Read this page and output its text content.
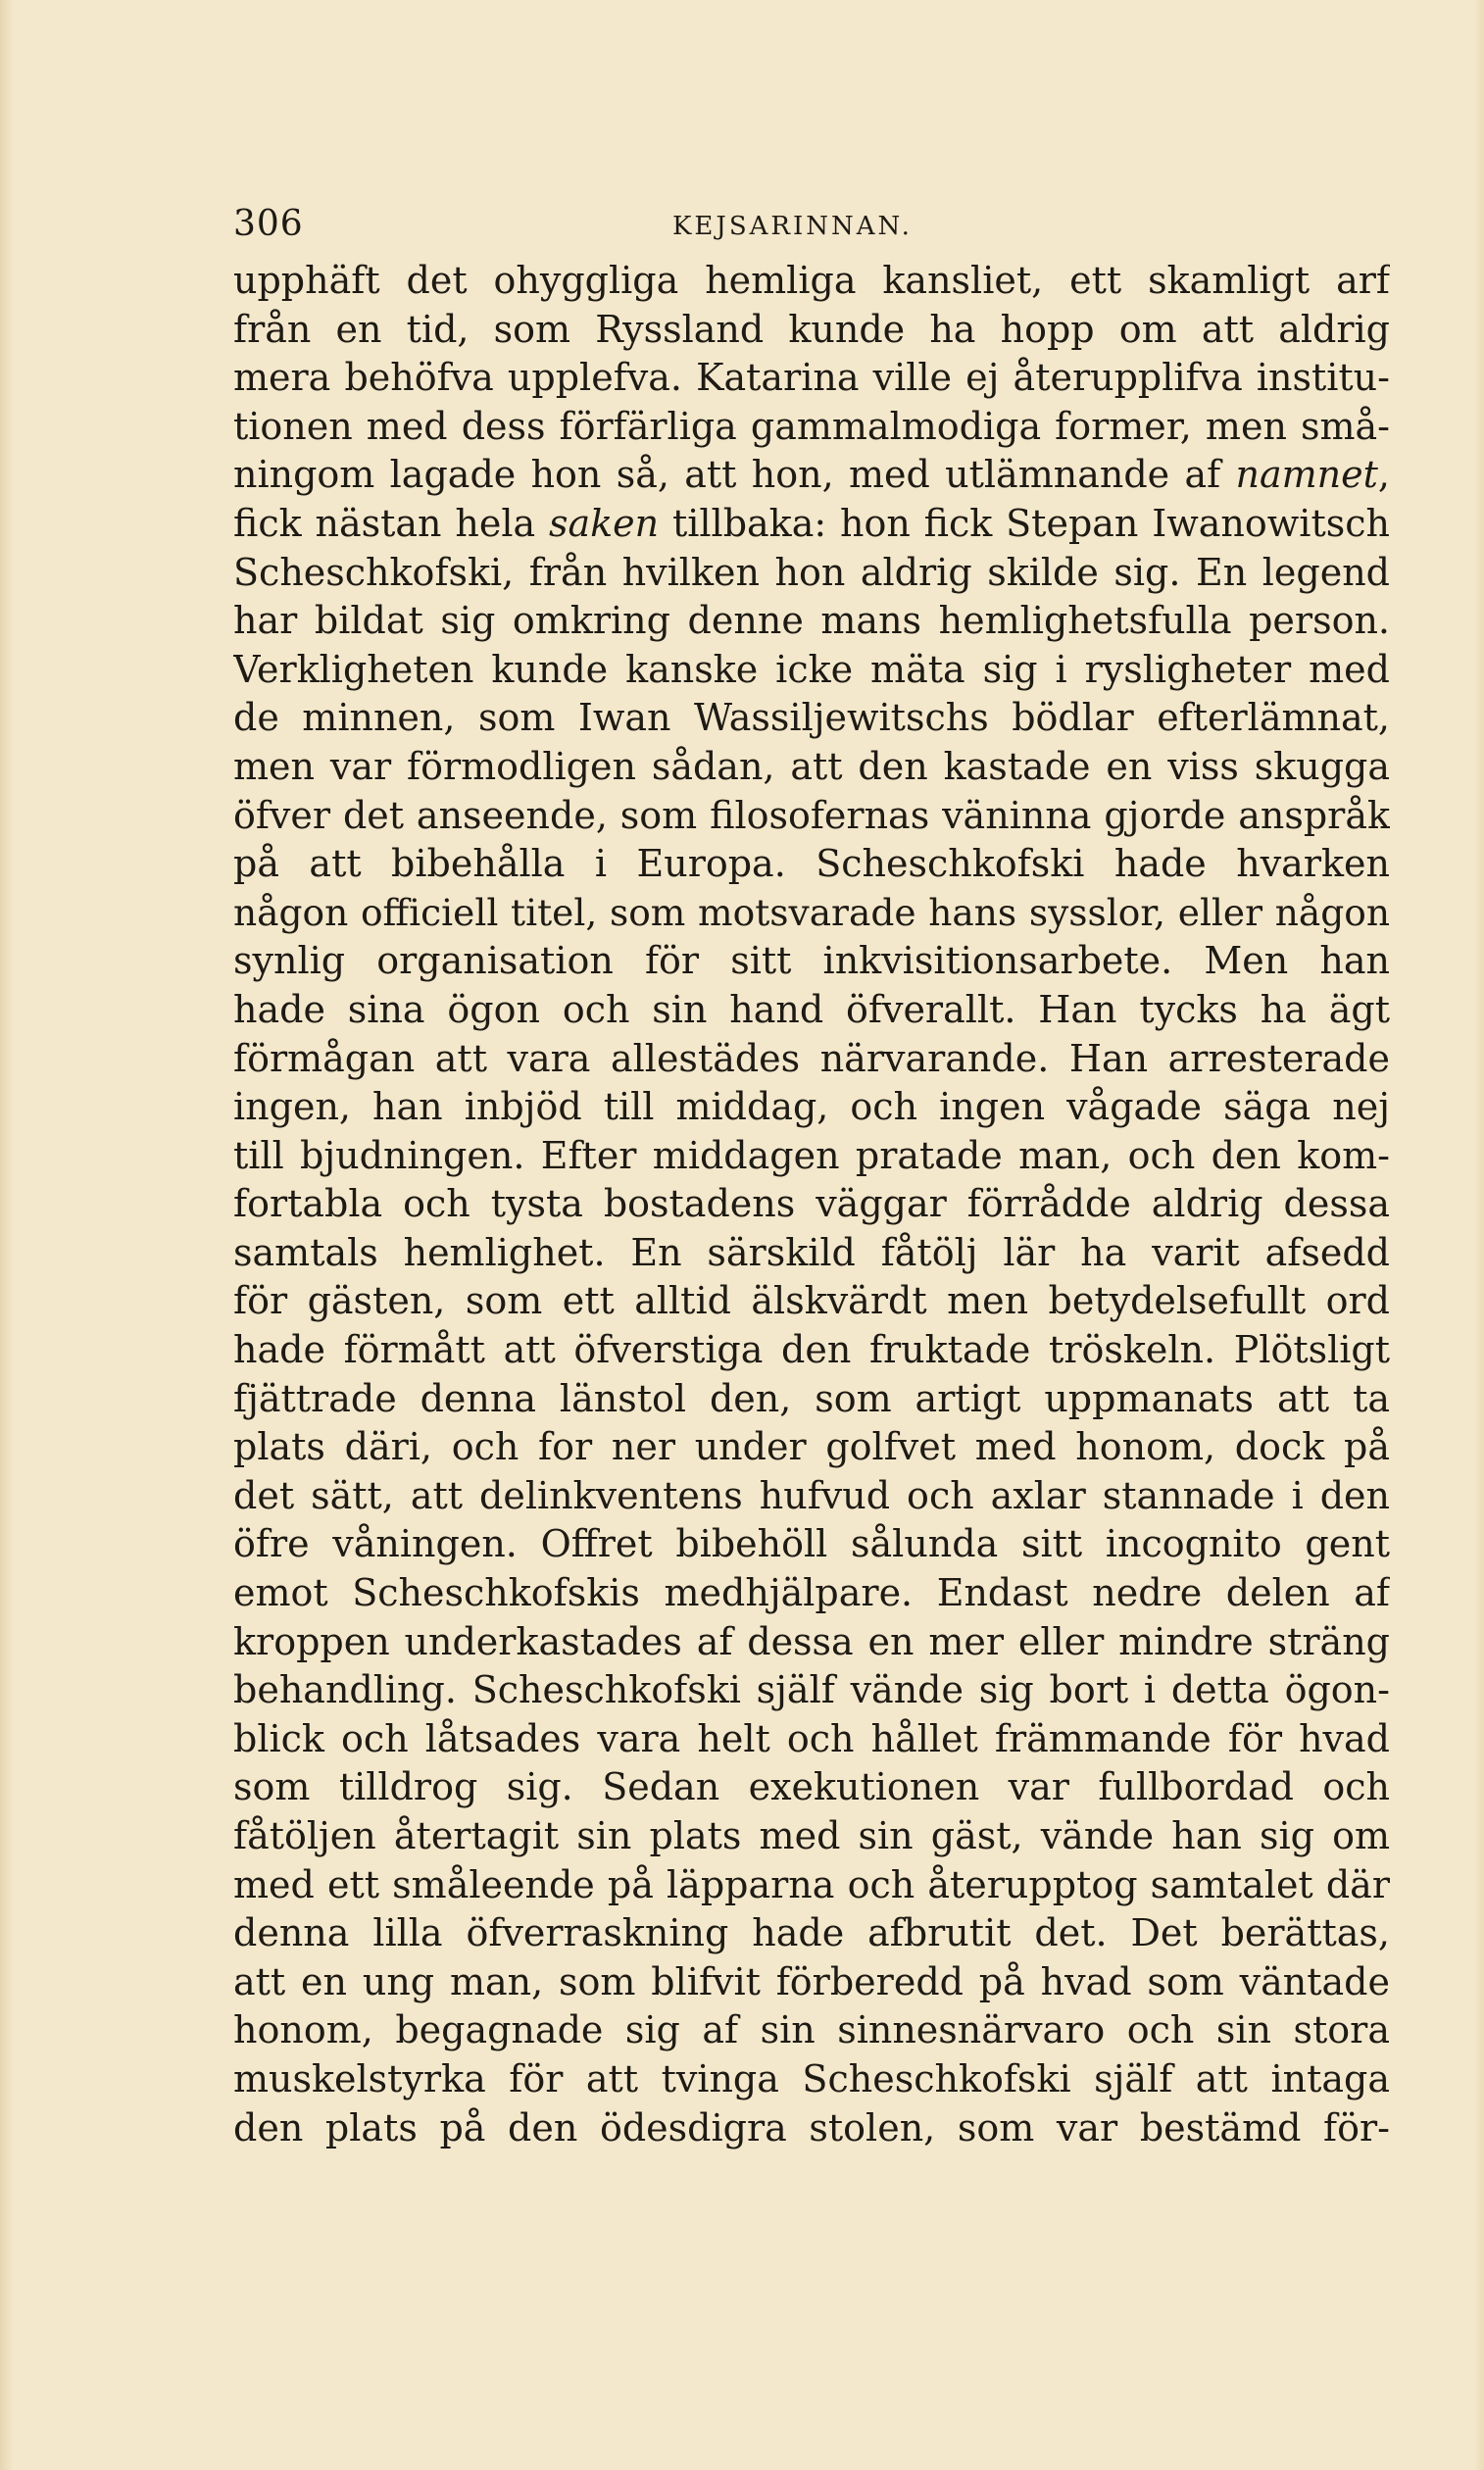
306	KEJSARINNAN.
upphäft det ohyggliga hemliga kansliet, ett skamligt arf
från en tid, som Ryssland kunde ha hopp om att aldrig
mera behöfva upplefva. Katarina ville ej återupplifva institu-
tionen med dess förfärliga gammalmodiga former, men små-
ningom lagade hon så, att hon, med utlämnande af namnet,
fick nästan hela saken tillbaka: hon fick Stepan Iwanowitsch
Scheschkofski, från hvilken hon aldrig skilde sig. En legend
har bildat sig omkring denne mans hemlighetsfulla person.
Verkligheten kunde kanske icke mäta sig i rysligheter med
de minnen, som Iwan Wassiljewitschs bödlar efterlämnat,
men var förmodligen sådan, att den kastade en viss skugga
öfver det anseende, som filosofernas väninna gjorde anspråk
på att bibehålla i Europa. Scheschkofski hade hvarken
någon officiell titel, som motsvarade hans sysslor, eller någon
synlig organisation för sitt inkvisitionsarbete. Men han
hade sina ögon och sin hand öfverallt. Han tycks ha ägt
förmågan att vara allestädes närvarande. Han arresterade
ingen, han inbjöd till middag, och ingen vågade säga nej
till bjudningen. Efter middagen pratade man, och den kom-
fortabla och tysta bostadens väggar förrådde aldrig dessa
samtals hemlighet. En särskild fåtölj lär ha varit afsedd
för gästen, som ett alltid älskvärdt men betydelsefullt ord
hade förmått att öfverstiga den fruktade tröskeln. Plötsligt
fjättrade denna länstol den, som artigt uppmanats att ta
plats däri, och for ner under golfvet med honom, dock på
det sätt, att delinkventens hufvud och axlar stannade i den
öfre våningen. Offret bibehöll sålunda sitt incognito gent
emot Scheschkofskis medhjälpare. Endast nedre delen af
kroppen underkastades af dessa en mer eller mindre sträng
behandling. Scheschkofski själf vände sig bort i detta ögon-
blick och låtsades vara helt och hållet främmande för hvad
som tilldrog sig. Sedan exekutionen var fullbordad och
fåtöljen återtagit sin plats med sin gäst, vände han sig om
med ett småleende på läpparna och återupptog samtalet där
denna lilla öfverraskning hade afbrutit det. Det berättas,
att en ung man, som blifvit förberedd på hvad som väntade
honom, begagnade sig af sin sinnesnärvaro och sin stora
muskelstyrka för att tvinga Scheschkofski själf att intaga
den plats på den ödesdigra stolen, som var bestämd för-
